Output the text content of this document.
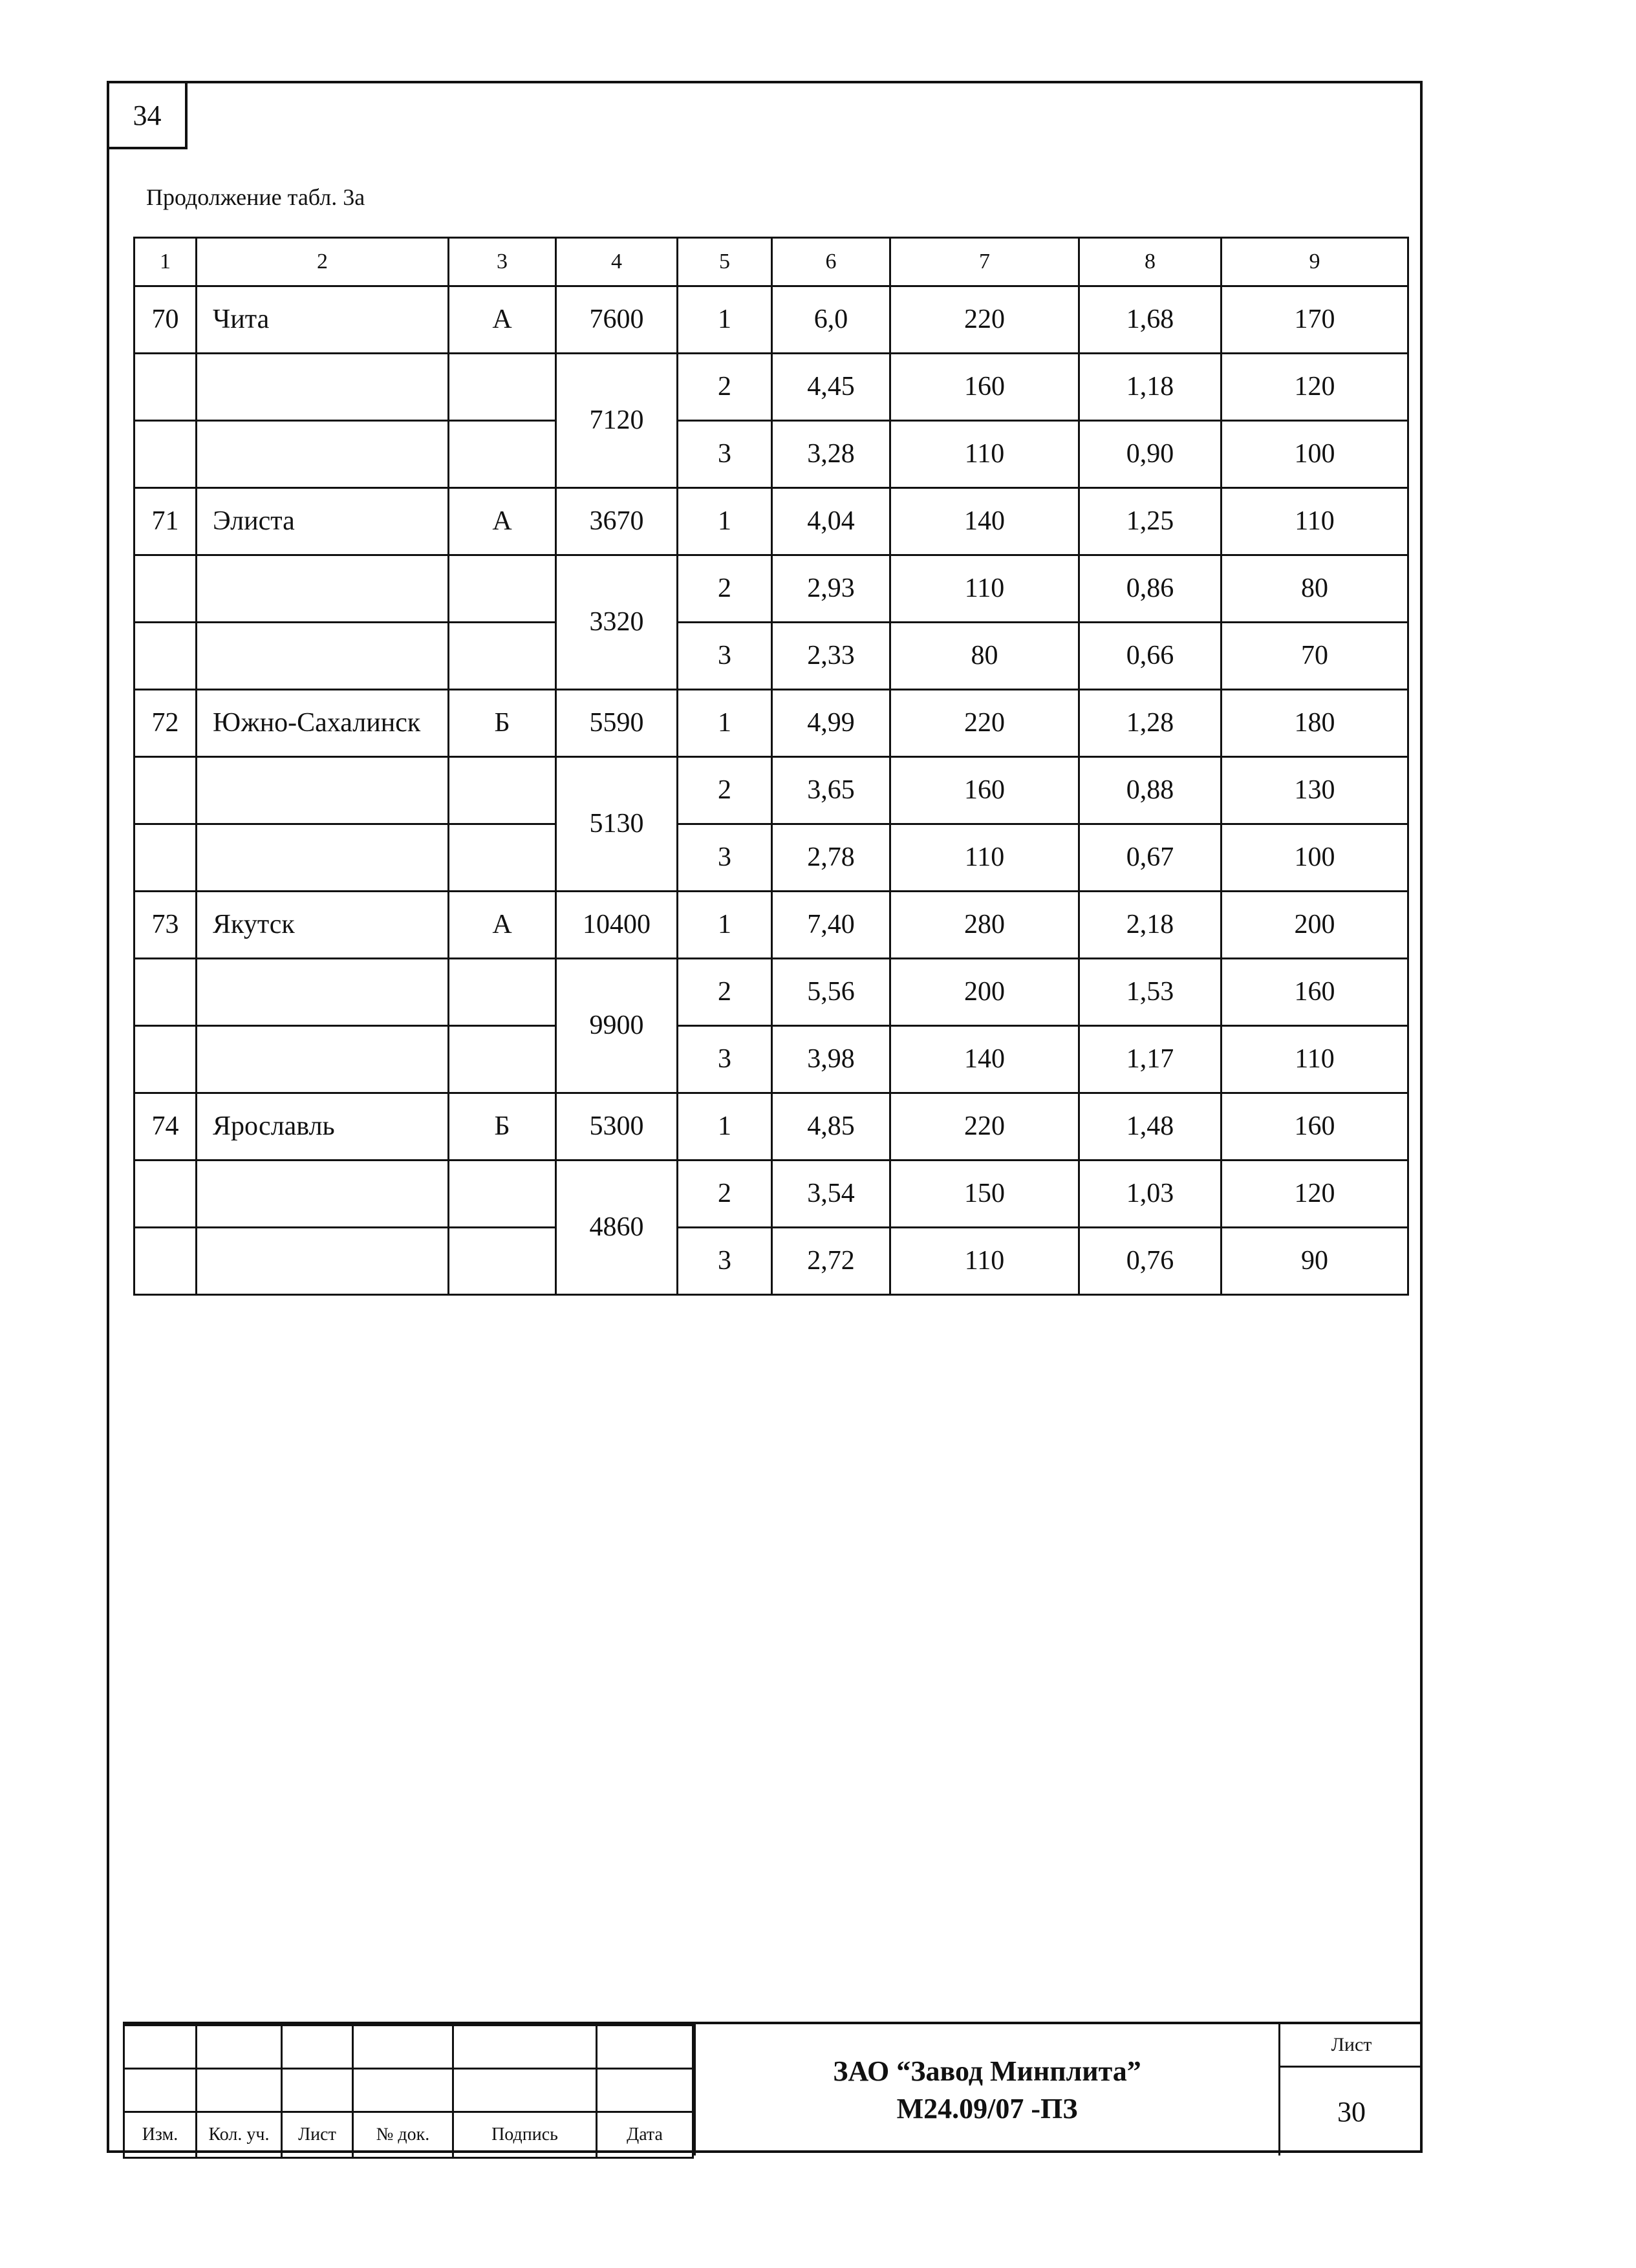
34
Продолжение табл. 3а
1	2	3	4	5	6	7	8	9
70	Чита	А	7600	1	6,0	220	1,68	170
			7120	2	4,45	160	1,18	120
				3	3,28	110	0,90	100
71	Элиста	А	3670	1	4,04	140	1,25	110
			3320	2	2,93	110	0,86	80
				3	2,33	80	0,66	70
72	Южно-Сахалинск	Б	5590	1	4,99	220	1,28	180
			5130	2	3,65	160	0,88	130
				3	2,78	110	0,67	100
73	Якутск	А	10400	1	7,40	280	2,18	200
			9900	2	5,56	200	1,53	160
				3	3,98	140	1,17	110
74	Ярославль	Б	5300	1	4,85	220	1,48	160
			4860	2	3,54	150	1,03	120
				3	2,72	110	0,76	90

Изм.	Кол. уч.	Лист	№ док.	Подпись	Дата
ЗАО “Завод Минплита”
М24.09/07 -ПЗ
Лист
30
